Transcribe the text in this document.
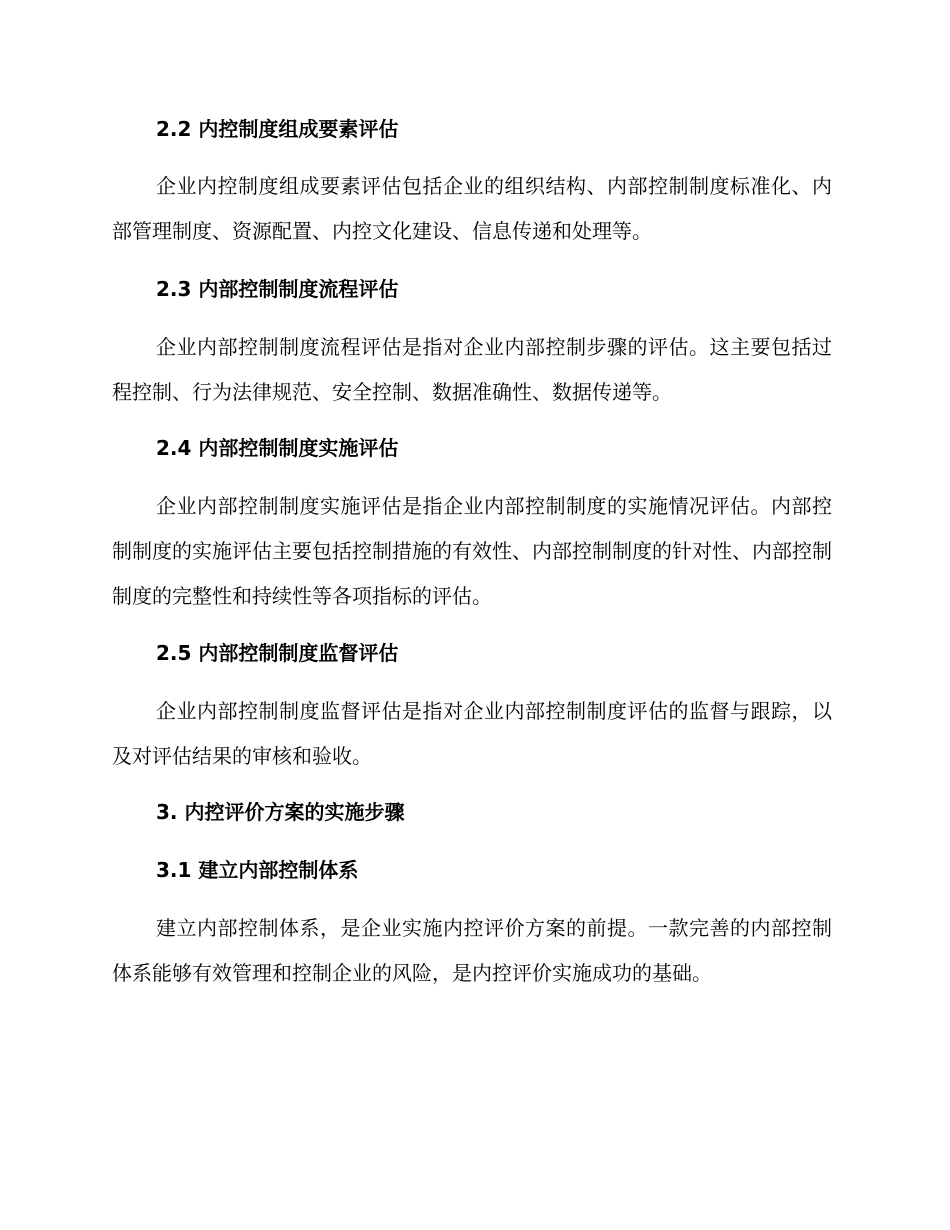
2.2 内控制度组成要素评估

企业内控制度组成要素评估包括企业的组织结构、内部控制制度标准化、内部管理制度、资源配置、内控文化建设、信息传递和处理等。

2.3 内部控制制度流程评估

企业内部控制制度流程评估是指对企业内部控制步骤的评估。这主要包括过程控制、行为法律规范、安全控制、数据准确性、数据传递等。

2.4 内部控制制度实施评估

企业内部控制制度实施评估是指企业内部控制制度的实施情况评估。内部控制制度的实施评估主要包括控制措施的有效性、内部控制制度的针对性、内部控制制度的完整性和持续性等各项指标的评估。

2.5 内部控制制度监督评估

企业内部控制制度监督评估是指对企业内部控制制度评估的监督与跟踪，以及对评估结果的审核和验收。

3. 内控评价方案的实施步骤
3.1 建立内部控制体系

建立内部控制体系，是企业实施内控评价方案的前提。一款完善的内部控制体系能够有效管理和控制企业的风险，是内控评价实施成功的基础。
